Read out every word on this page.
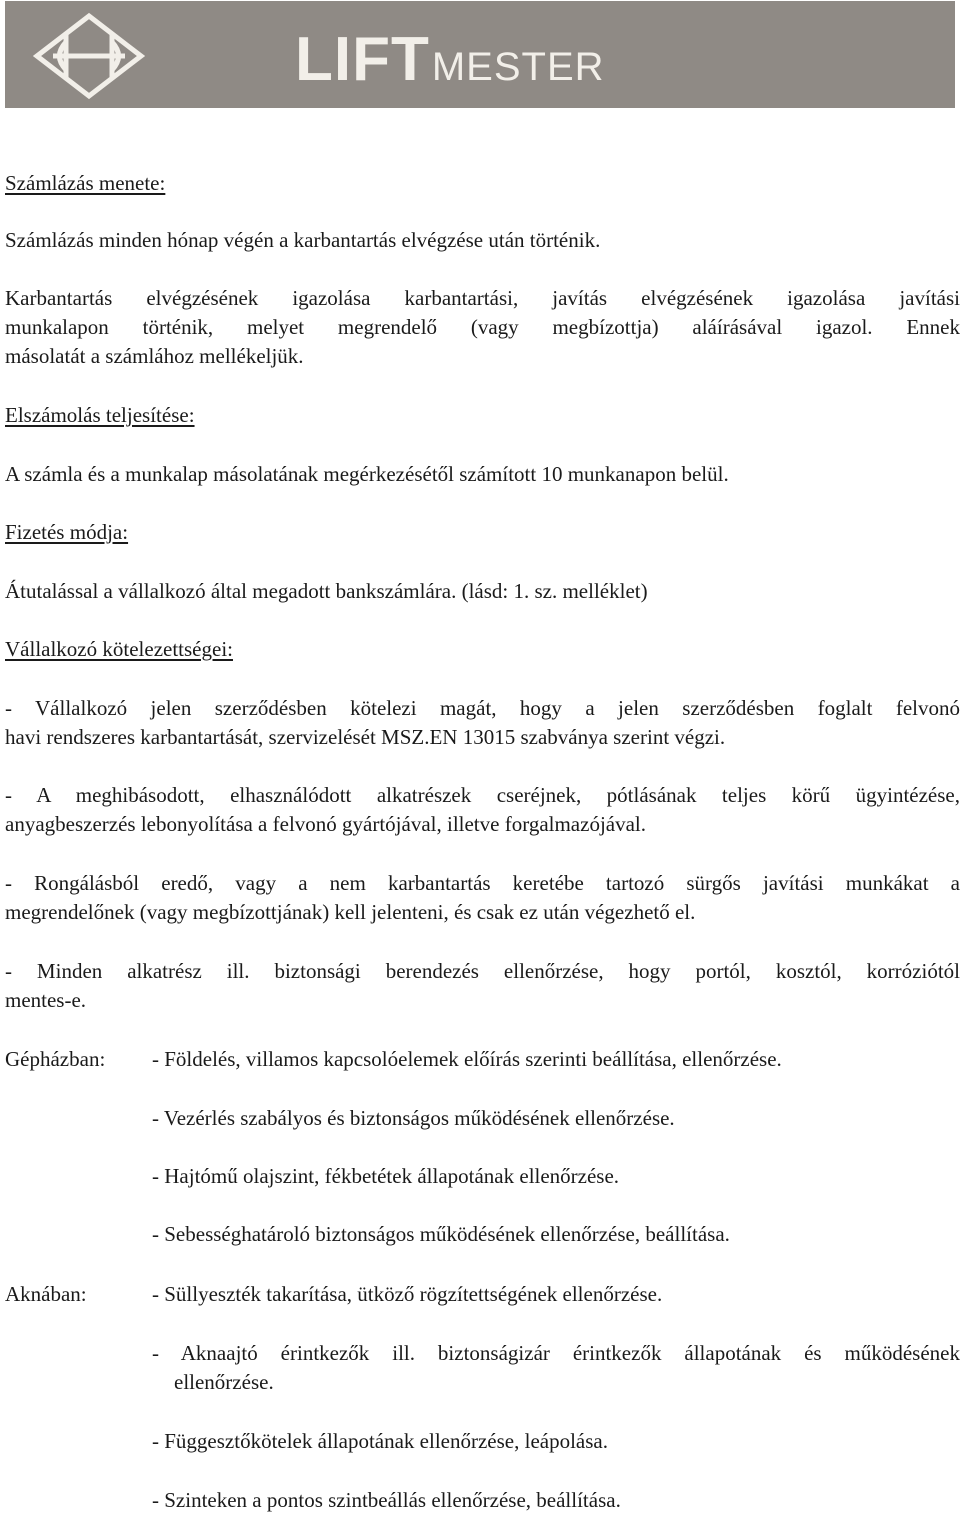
LIFT MESTER

Számlázás menete:

Számlázás minden hónap végén a karbantartás elvégzése után történik.

Karbantartás elvégzésének igazolása karbantartási, javítás elvégzésének igazolása javítási

munkalapon történik, melyet megrendelő (vagy megbízottja) aláírásával igazol. Ennek

másolatát a számlához mellékeljük.

Elszámolás teljesítése:

A számla és a munkalap másolatának megérkezésétől számított 10 munkanapon belül.

Fizetés módja:

Átutalással a vállalkozó által megadott bankszámlára. (lásd: 1. sz. melléklet)

Vállalkozó kötelezettségei:

- Vállalkozó jelen szerződésben kötelezi magát, hogy a jelen szerződésben foglalt felvonó

havi rendszeres karbantartását, szervizelését MSZ.EN 13015 szabványa szerint végzi.

- A meghibásodott, elhasználódott alkatrészek cseréjnek, pótlásának teljes körű ügyintézése,

anyagbeszerzés lebonyolítása a felvonó gyártójával, illetve forgalmazójával.

- Rongálásból eredő, vagy a nem karbantartás keretébe tartozó sürgős javítási munkákat a

megrendelőnek (vagy megbízottjának) kell jelenteni, és csak ez után végezhető el.

- Minden alkatrész ill. biztonsági berendezés ellenőrzése, hogy portól, kosztól, korróziótól

mentes-e.

Gépházban: - Földelés, villamos kapcsolóelemek előírás szerinti beállítása, ellenőrzése.
- Vezérlés szabályos és biztonságos működésének ellenőrzése.
- Hajtómű olajszint, fékbetétek állapotának ellenőrzése.
- Sebességhatároló biztonságos működésének ellenőrzése, beállítása.
Aknában:	- Süllyeszték takarítása, ütköző rögzítettségének ellenőrzése.
- Aknaajtó érintkezők ill. biztonságizár érintkezők állapotának és működésének
ellenőrzése.
- Függesztőkötelek állapotának ellenőrzése, leápolása.
- Szinteken a pontos szintbeállás ellenőrzése, beállítása.
